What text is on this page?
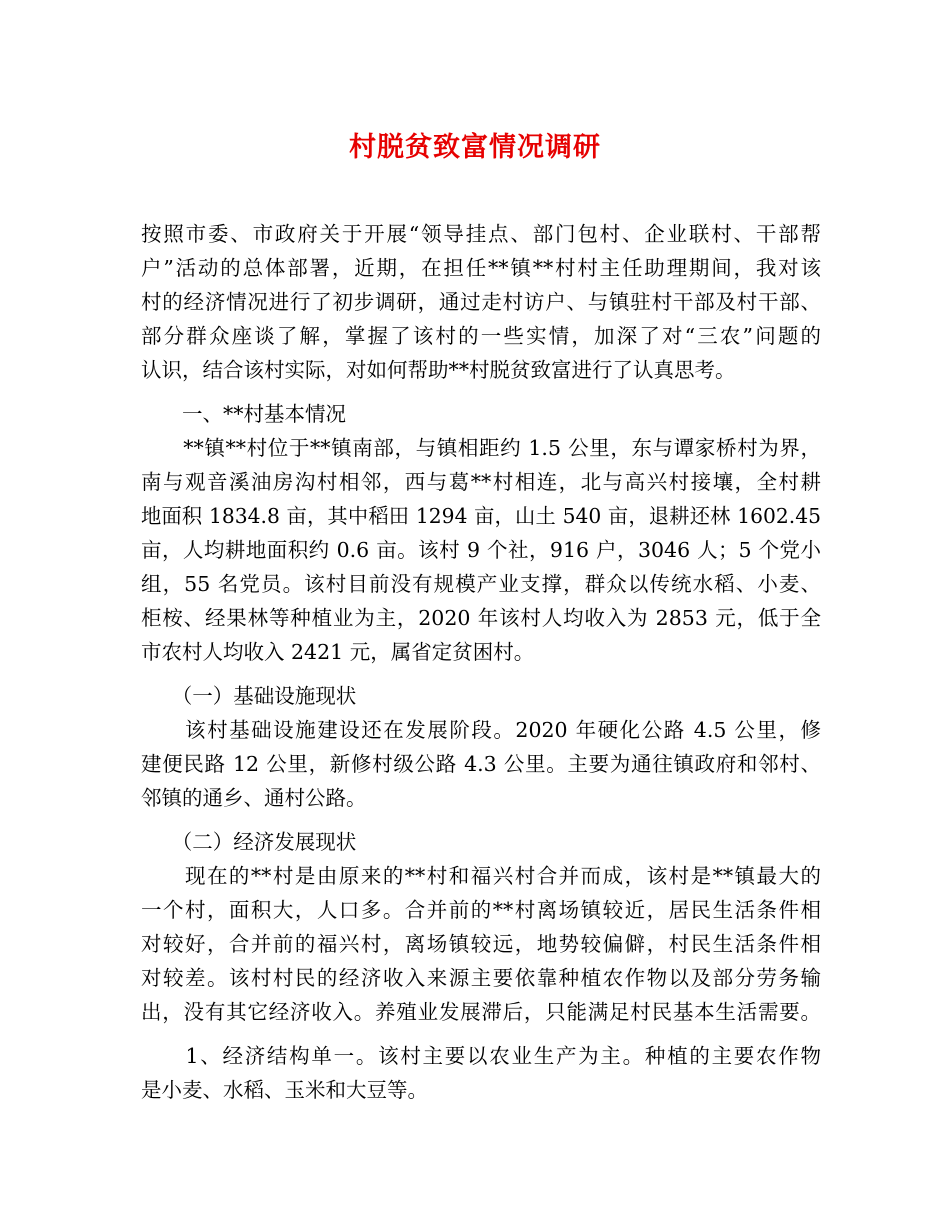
村脱贫致富情况调研
按照市委、市政府关于开展“领导挂点、部门包村、企业联村、干部帮
户”活动的总体部署，近期，在担任**镇**村村主任助理期间，我对该
村的经济情况进行了初步调研，通过走村访户、与镇驻村干部及村干部、
部分群众座谈了解，掌握了该村的一些实情，加深了对“三农”问题的
认识，结合该村实际，对如何帮助**村脱贫致富进行了认真思考。
　　一、**村基本情况
　　**镇**村位于**镇南部，与镇相距约 1.5 公里，东与谭家桥村为界，
南与观音溪油房沟村相邻，西与葛**村相连，北与高兴村接壤，全村耕
地面积 1834.8 亩，其中稻田 1294 亩，山土 540 亩，退耕还林 1602.45
亩，人均耕地面积约 0.6 亩。该村 9 个社，916 户，3046 人；5 个党小
组，55 名党员。该村目前没有规模产业支撑，群众以传统水稻、小麦、
柜桉、经果林等种植业为主，2020 年该村人均收入为 2853 元，低于全
市农村人均收入 2421 元，属省定贫困村。
　　（一）基础设施现状
　　该村基础设施建设还在发展阶段。2020 年硬化公路 4.5 公里，修
建便民路 12 公里，新修村级公路 4.3 公里。主要为通往镇政府和邻村、
邻镇的通乡、通村公路。
　　（二）经济发展现状
　　现在的**村是由原来的**村和福兴村合并而成，该村是**镇最大的
一个村，面积大，人口多。合并前的**村离场镇较近，居民生活条件相
对较好，合并前的福兴村，离场镇较远，地势较偏僻，村民生活条件相
对较差。该村村民的经济收入来源主要依靠种植农作物以及部分劳务输
出，没有其它经济收入。养殖业发展滞后，只能满足村民基本生活需要。
　　1、经济结构单一。该村主要以农业生产为主。种植的主要农作物
是小麦、水稻、玉米和大豆等。
